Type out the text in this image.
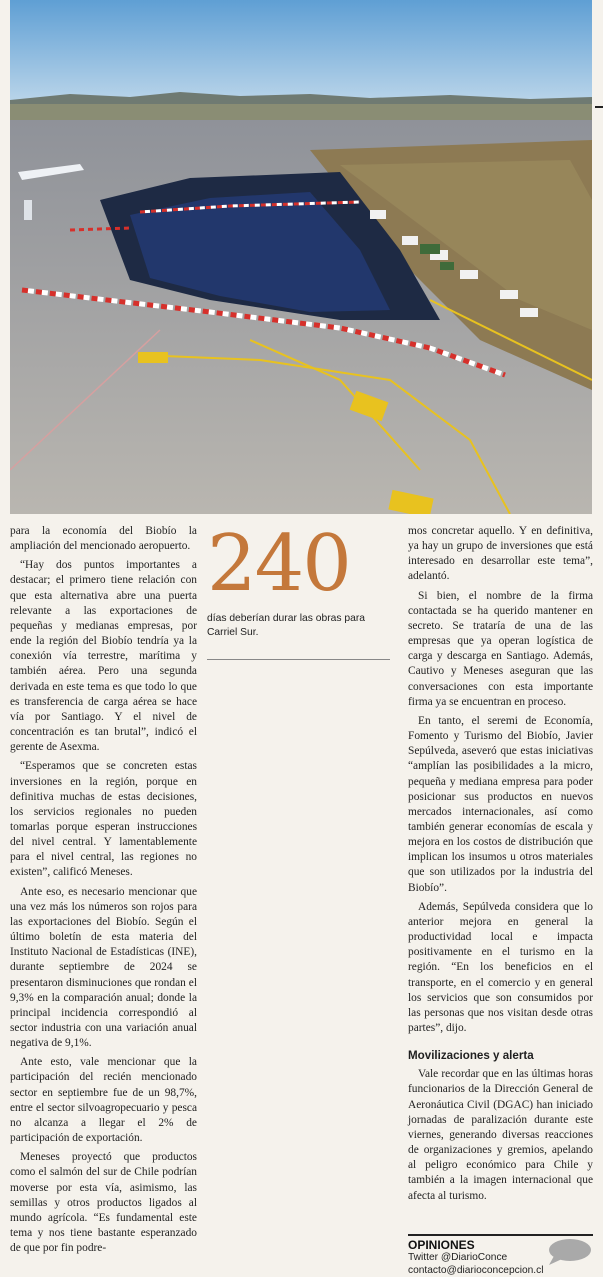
para la economía del Biobío la ampliación del mencionado aeropuerto.

“Hay dos puntos importantes a destacar; el primero tiene relación con que esta alternativa abre una puerta relevante a las exportaciones de pequeñas y medianas empresas, por ende la región del Biobío tendría ya la conexión vía terrestre, marítima y también aérea. Pero una segunda derivada en este tema es que todo lo que es transferencia de carga aérea se hace vía por Santiago. Y el nivel de concentración es tan brutal”, indicó el gerente de Asexma.

“Esperamos que se concreten estas inversiones en la región, porque en definitiva muchas de estas decisiones, los servicios regionales no pueden tomarlas porque esperan instrucciones del nivel central. Y lamentablemente para el nivel central, las regiones no existen”, calificó Meneses.

Ante eso, es necesario mencionar que una vez más los números son rojos para las exportaciones del Biobío. Según el último boletín de esta materia del Instituto Nacional de Estadísticas (INE), durante septiembre de 2024 se presentaron disminuciones que rondan el 9,3% en la comparación anual; donde la principal incidencia correspondió al sector industria con una variación anual negativa de 9,1%.

Ante esto, vale mencionar que la participación del recién mencionado sector en septiembre fue de un 98,7%, entre el sector silvoagropecuario y pesca no alcanza a llegar el 2% de participación de exportación.

Meneses proyectó que productos como el salmón del sur de Chile podrían moverse por esta vía, asimismo, las semillas y otros productos ligados al mundo agrícola. “Es fundamental este tema y nos tiene bastante esperanzado de que por fin podre-

240
días deberían durar las obras para Carriel Sur.

mos concretar aquello. Y en definitiva, ya hay un grupo de inversiones que está interesado en desarrollar este tema”, adelantó.

Si bien, el nombre de la firma contactada se ha querido mantener en secreto. Se trataría de una de las empresas que ya operan logística de carga y descarga en Santiago. Además, Cautivo y Meneses aseguran que las conversaciones con esta importante firma ya se encuentran en proceso.

En tanto, el seremi de Economía, Fomento y Turismo del Biobío, Javier Sepúlveda, aseveró que estas iniciativas “amplían las posibilidades a la micro, pequeña y mediana empresa para poder posicionar sus productos en nuevos mercados internacionales, así como también generar economías de escala y mejora en los costos de distribución que implican los insumos u otros materiales que son utilizados por la industria del Biobío”.

Además, Sepúlveda considera que lo anterior mejora en general la productividad local e impacta positivamente en el turismo en la región. “En los beneficios en el transporte, en el comercio y en general los servicios que son consumidos por las personas que nos visitan desde otras partes”, dijo.

Movilizaciones y alerta

Vale recordar que en las últimas horas funcionarios de la Dirección General de Aeronáutica Civil (DGAC) han iniciado jornadas de paralización durante este viernes, generando diversas reacciones de organizaciones y gremios, apelando al peligro económico para Chile y también a la imagen internacional que afecta al turismo.

OPINIONES
Twitter @DiarioConce
contacto@diarioconcepcion.cl
